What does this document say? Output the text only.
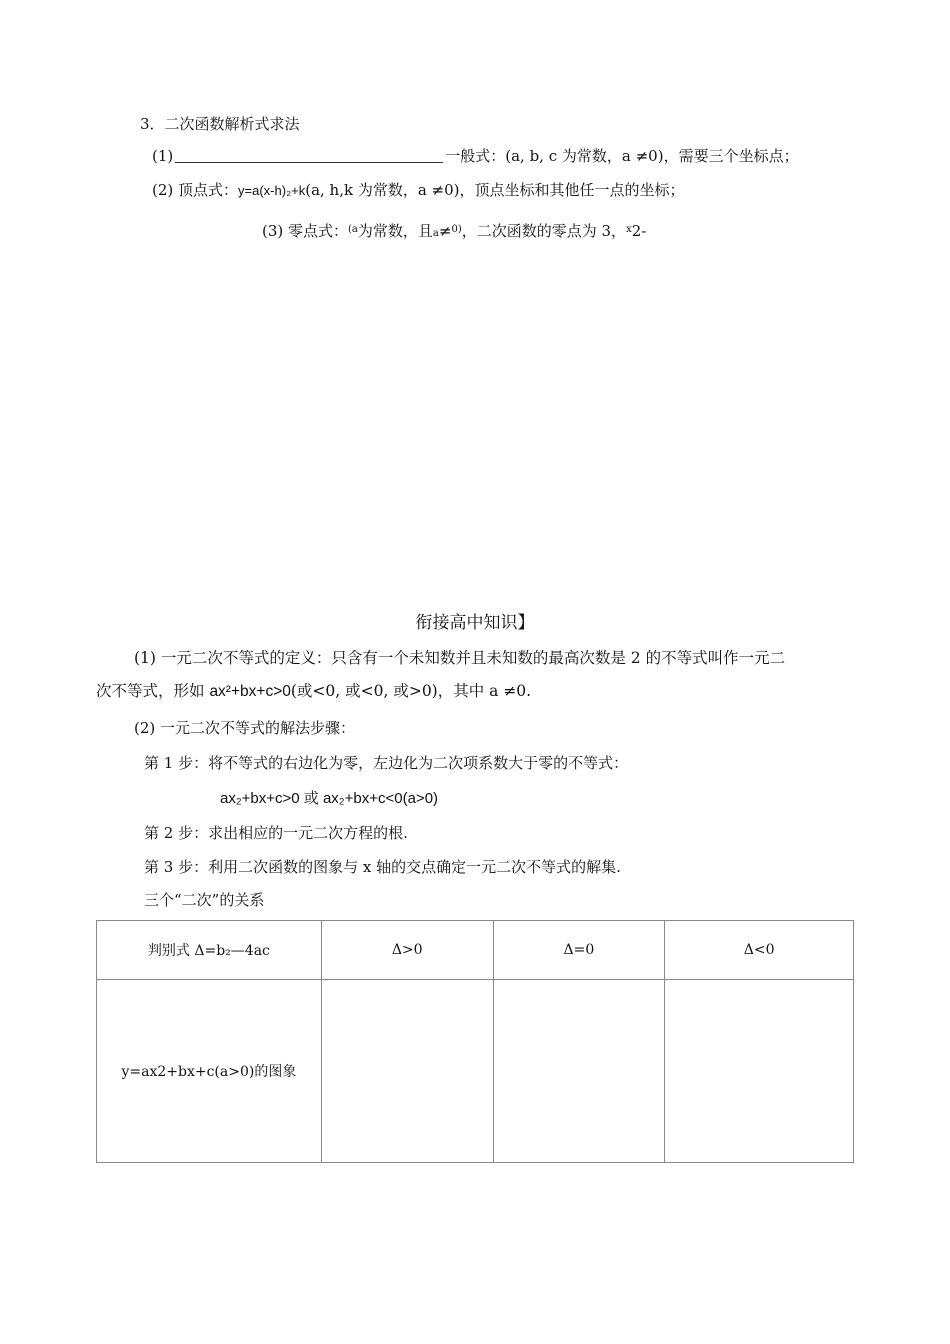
3．二次函数解析式求法
(1)	一般式：(a, b, c 为常数，a ≠0)，需要三个坐标点；
(2) 顶点式：y=a(x-h)₂+k(a, h,k 为常数，a ≠0)，顶点坐标和其他任一点的坐标；
(3) 零点式：$^{(a}$为常数，且a≠$^{0)}$，二次函数的零点为 3，$^x$2-
衔接高中知识】
(1) 一元二次不等式的定义：只含有一个未知数并且未知数的最高次数是 2 的不等式叫作一元二
次不等式，形如 ax²+bx+c>0(或<0, 或<0, 或>0)，其中 a ≠0.
(2) 一元二次不等式的解法步骤：
第 1 步：将不等式的右边化为零，左边化为二次项系数大于零的不等式：
ax₂+bx+c>0 或 ax₂+bx+c<0(a>0)
第 2 步：求出相应的一元二次方程的根.
第 3 步：利用二次函数的图象与 x 轴的交点确定一元二次不等式的解集.
三个“二次”的关系
判别式 Δ=b₂—4ac	Δ>0	Δ=0	Δ<0
y=ax2+bx+c(a>0)的图象			
